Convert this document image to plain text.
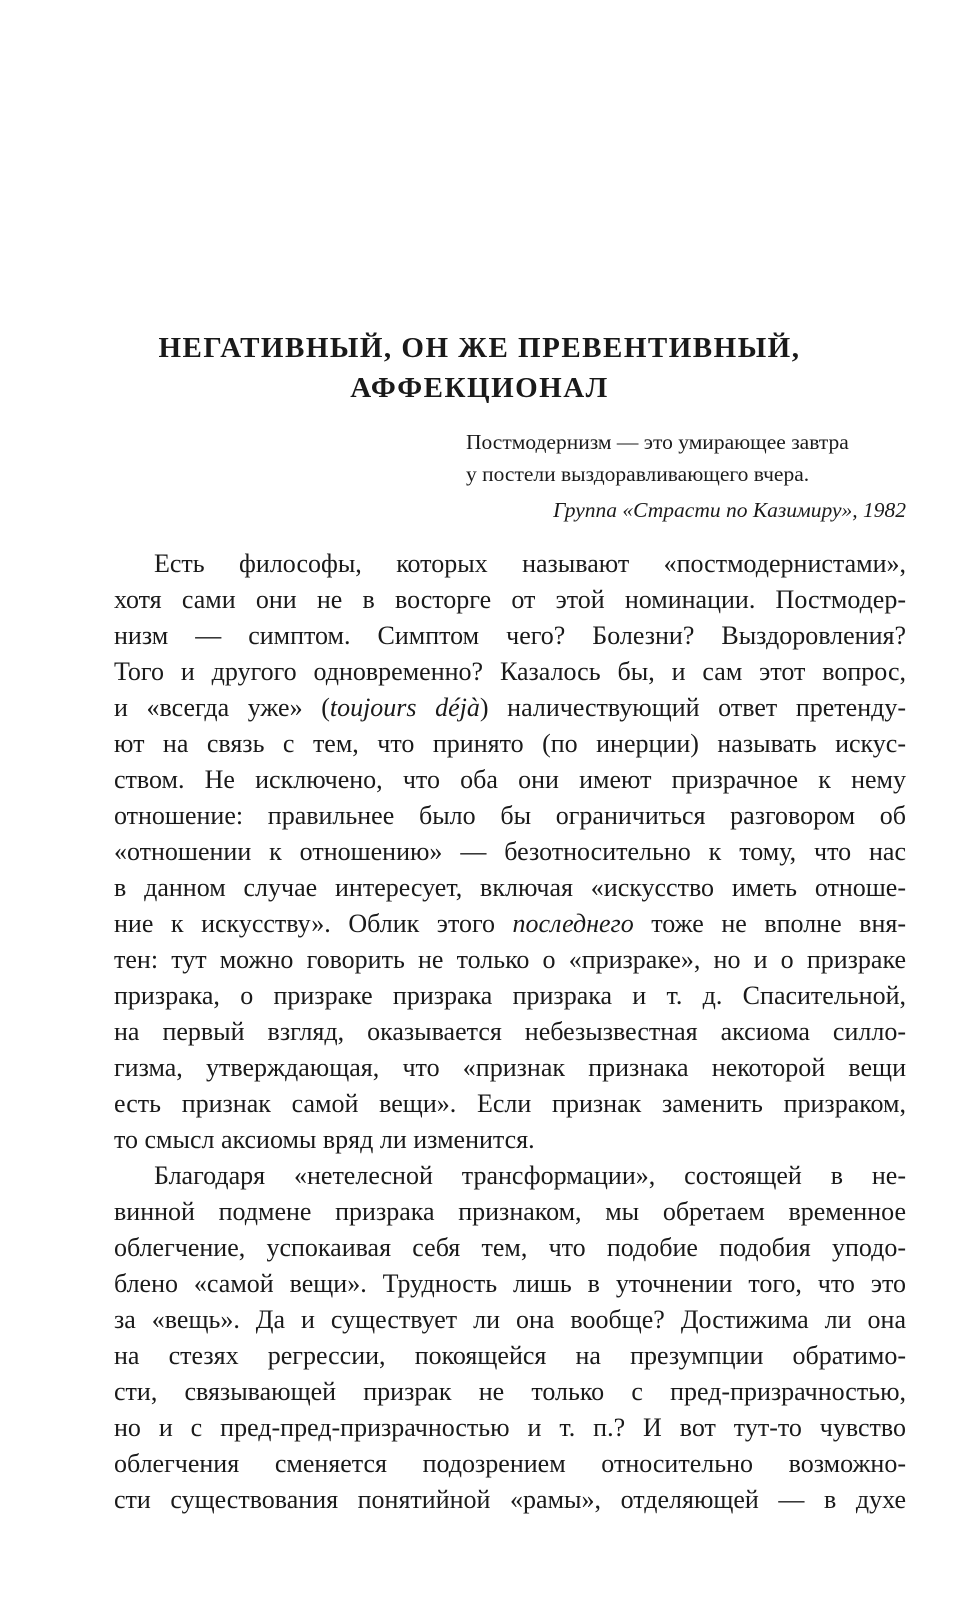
НЕГАТИВНЫЙ, ОН ЖЕ ПРЕВЕНТИВНЫЙ,
АФФЕКЦИОНАЛ
Постмодернизм — это умирающее завтра
у постели выздоравливающего вчера.
Группа «Страсти по Казимиру», 1982
Есть философы, которых называют «постмодернистами»,
хотя сами они не в восторге от этой номинации. Постмодер-
низм — симптом. Симптом чего? Болезни? Выздоровления?
Того и другого одновременно? Казалось бы, и сам этот вопрос,
и «всегда уже» (toujours déjà) наличествующий ответ претенду-
ют на связь с тем, что принято (по инерции) называть искус-
ством. Не исключено, что оба они имеют призрачное к нему
отношение: правильнее было бы ограничиться разговором об
«отношении к отношению» — безотносительно к тому, что нас
в данном случае интересует, включая «искусство иметь отноше-
ние к искусству». Облик этого последнего тоже не вполне вня-
тен: тут можно говорить не только о «призраке», но и о призраке
призрака, о призраке призрака призрака и т. д. Спасительной,
на первый взгляд, оказывается небезызвестная аксиома силло-
гизма, утверждающая, что «признак признака некоторой вещи
есть признак самой вещи». Если признак заменить призраком,
то смысл аксиомы вряд ли изменится.
Благодаря «нетелесной трансформации», состоящей в не-
винной подмене призрака признаком, мы обретаем временное
облегчение, успокаивая себя тем, что подобие подобия уподо-
блено «самой вещи». Трудность лишь в уточнении того, что это
за «вещь». Да и существует ли она вообще? Достижима ли она
на стезях регрессии, покоящейся на презумпции обратимо-
сти, связывающей призрак не только с пред-призрачностью,
но и с пред-пред-призрачностью и т. п.? И вот тут-то чувство
облегчения сменяется подозрением относительно возможно-
сти существования понятийной «рамы», отделяющей — в духе
